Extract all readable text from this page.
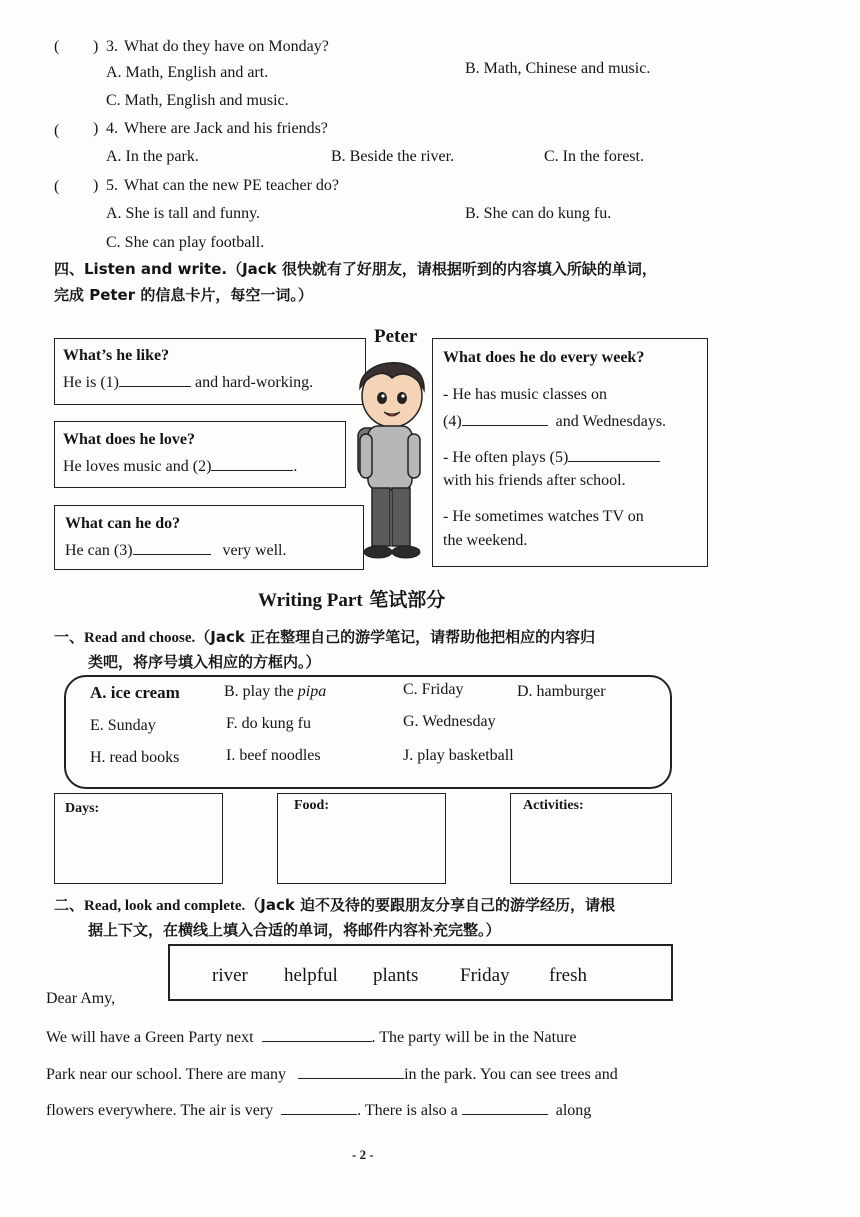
( ) 3. What do they have on Monday?
A. Math, English and art.	B. Math, Chinese and music.
C. Math, English and music.
( ) 4. Where are Jack and his friends?
A. In the park.	B. Beside the river.	C. In the forest.
( ) 5. What can the new PE teacher do?
A. She is tall and funny.	B. She can do kung fu.
C. She can play football.
四、Listen and write.（Jack 很快就有了好朋友，请根据听到的内容填入所缺的单词，
完成 Peter 的信息卡片，每空一词。）
Peter
What’s he like?
He is (1)	and hard-working.
What does he love?
He loves music and (2)	.
What can he do?
He can (3)	very well.
What does he do every week?
- He has music classes on
(4)	and Wednesdays.
- He often plays (5)
with his friends after school.
- He sometimes watches TV on
the weekend.
Writing Part 笔试部分
一、Read and choose.（Jack 正在整理自己的游学笔记，请帮助他把相应的内容归
类吧，将序号填入相应的方框内。）
A. ice cream	B. play the pipa	C. Friday	D. hamburger
E. Sunday	F. do kung fu	G. Wednesday
H. read books	I. beef noodles	J. play basketball
Days:	Food:	Activities:
二、Read, look and complete.（Jack 迫不及待的要跟朋友分享自己的游学经历，请根
据上下文，在横线上填入合适的单词，将邮件内容补充完整。）
river helpful plants Friday fresh
Dear Amy,
We will have a Green Party next	. The party will be in the Nature
Park near our school. There are many	in the park. You can see trees and
flowers everywhere. The air is very	. There is also a	along
- 2 -
